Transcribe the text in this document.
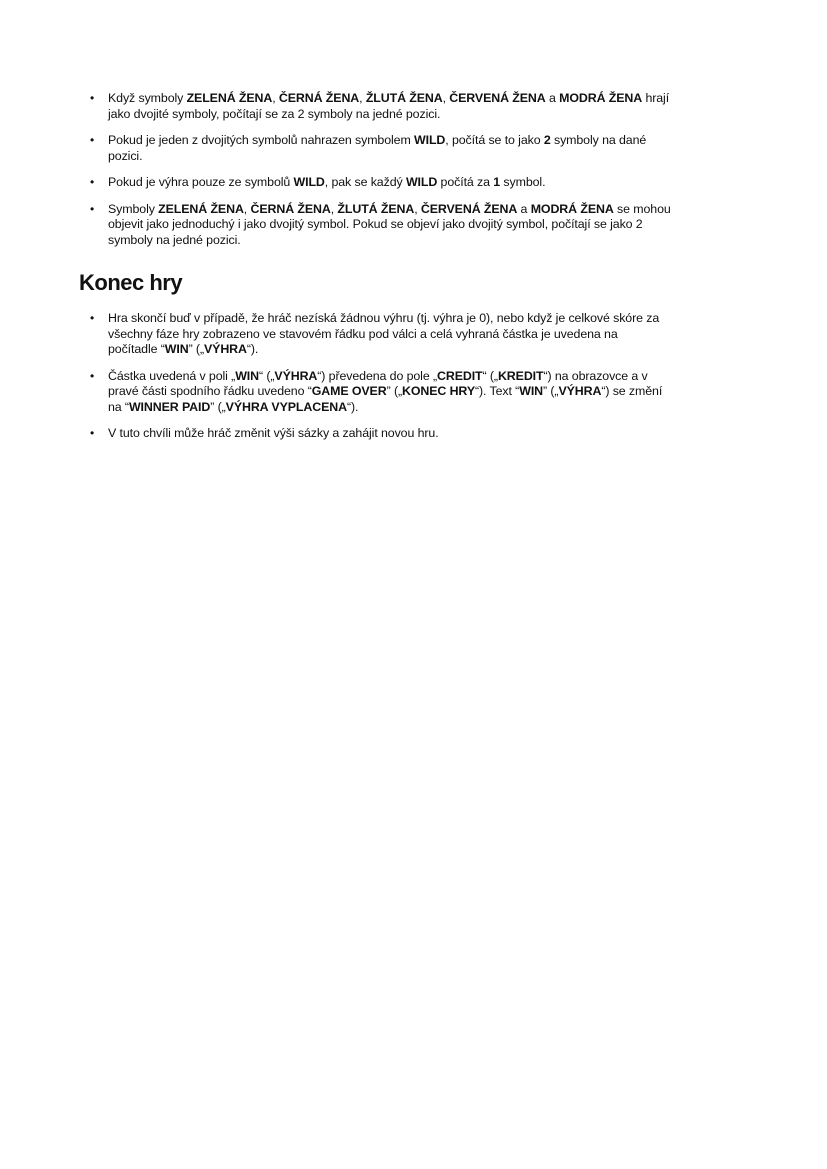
• Když symboly ZELENÁ ŽENA, ČERNÁ ŽENA, ŽLUTÁ ŽENA, ČERVENÁ ŽENA a MODRÁ ŽENA hrají
jako dvojité symboly, počítají se za 2 symboly na jedné pozici.
• Pokud je jeden z dvojitých symbolů nahrazen symbolem WILD, počítá se to jako 2 symboly na dané
pozici.
• Pokud je výhra pouze ze symbolů WILD, pak se každý WILD počítá za 1 symbol.
• Symboly ZELENÁ ŽENA, ČERNÁ ŽENA, ŽLUTÁ ŽENA, ČERVENÁ ŽENA a MODRÁ ŽENA se mohou
objevit jako jednoduchý i jako dvojitý symbol. Pokud se objeví jako dvojitý symbol, počítají se jako 2
symboly na jedné pozici.
Konec hry
• Hra skončí buď v případě, že hráč nezíská žádnou výhru (tj. výhra je 0), nebo když je celkové skóre za
všechny fáze hry zobrazeno ve stavovém řádku pod válci a celá vyhraná částka je uvedena na
počítadle “WIN” („VÝHRA“).
• Částka uvedená v poli „WIN“ („VÝHRA“) převedena do pole „CREDIT“ („KREDIT“) na obrazovce a v
pravé části spodního řádku uvedeno “GAME OVER” („KONEC HRY“). Text “WIN” („VÝHRA“) se změní
na “WINNER PAID” („VÝHRA VYPLACENA“).
• V tuto chvíli může hráč změnit výši sázky a zahájit novou hru.
